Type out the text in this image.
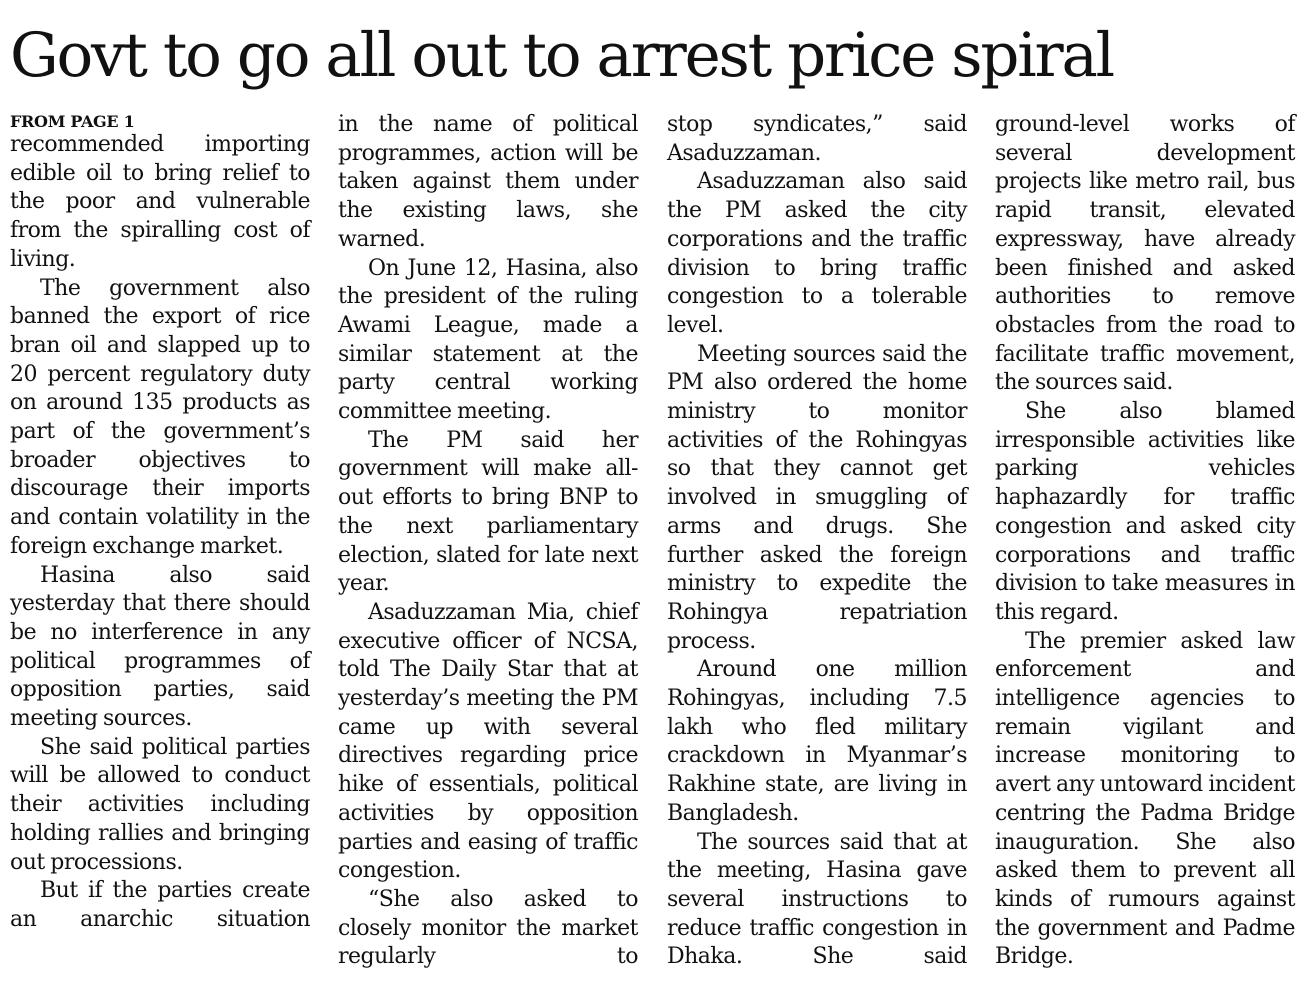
Govt to go all out to arrest price spiral
FROM PAGE 1

recommended importing edible oil to bring relief to the poor and vulnerable from the spiralling cost of living.

The government also banned the export of rice bran oil and slapped up to 20 percent regulatory duty on around 135 products as part of the government’s broader objectives to discourage their imports and contain volatility in the foreign exchange market.

Hasina also said yesterday that there should be no interference in any political programmes of opposition parties, said meeting sources.

She said political parties will be allowed to conduct their activities including holding rallies and bringing out processions.

But if the parties create an anarchic situation

in the name of political programmes, action will be taken against them under the existing laws, she warned.

On June 12, Hasina, also the president of the ruling Awami League, made a similar statement at the party central working committee meeting.

The PM said her government will make all-out efforts to bring BNP to the next parliamentary election, slated for late next year.

Asaduzzaman Mia, chief executive officer of NCSA, told The Daily Star that at yesterday’s meeting the PM came up with several directives regarding price hike of essentials, political activities by opposition parties and easing of traffic congestion.

“She also asked to closely monitor the market regularly to

stop syndicates,” said Asaduzzaman.

Asaduzzaman also said the PM asked the city corporations and the traffic division to bring traffic congestion to a tolerable level.

Meeting sources said the PM also ordered the home ministry to monitor activities of the Rohingyas so that they cannot get involved in smuggling of arms and drugs. She further asked the foreign ministry to expedite the Rohingya repatriation process.

Around one million Rohingyas, including 7.5 lakh who fled military crackdown in Myanmar’s Rakhine state, are living in Bangladesh.

The sources said that at the meeting, Hasina gave several instructions to reduce traffic congestion in Dhaka. She said

ground-level works of several development projects like metro rail, bus rapid transit, elevated expressway, have already been finished and asked authorities to remove obstacles from the road to facilitate traffic movement, the sources said.

She also blamed irresponsible activities like parking vehicles haphazardly for traffic congestion and asked city corporations and traffic division to take measures in this regard.

The premier asked law enforcement and intelligence agencies to remain vigilant and increase monitoring to avert any untoward incident centring the Padma Bridge inauguration. She also asked them to prevent all kinds of rumours against the government and Padme Bridge.
